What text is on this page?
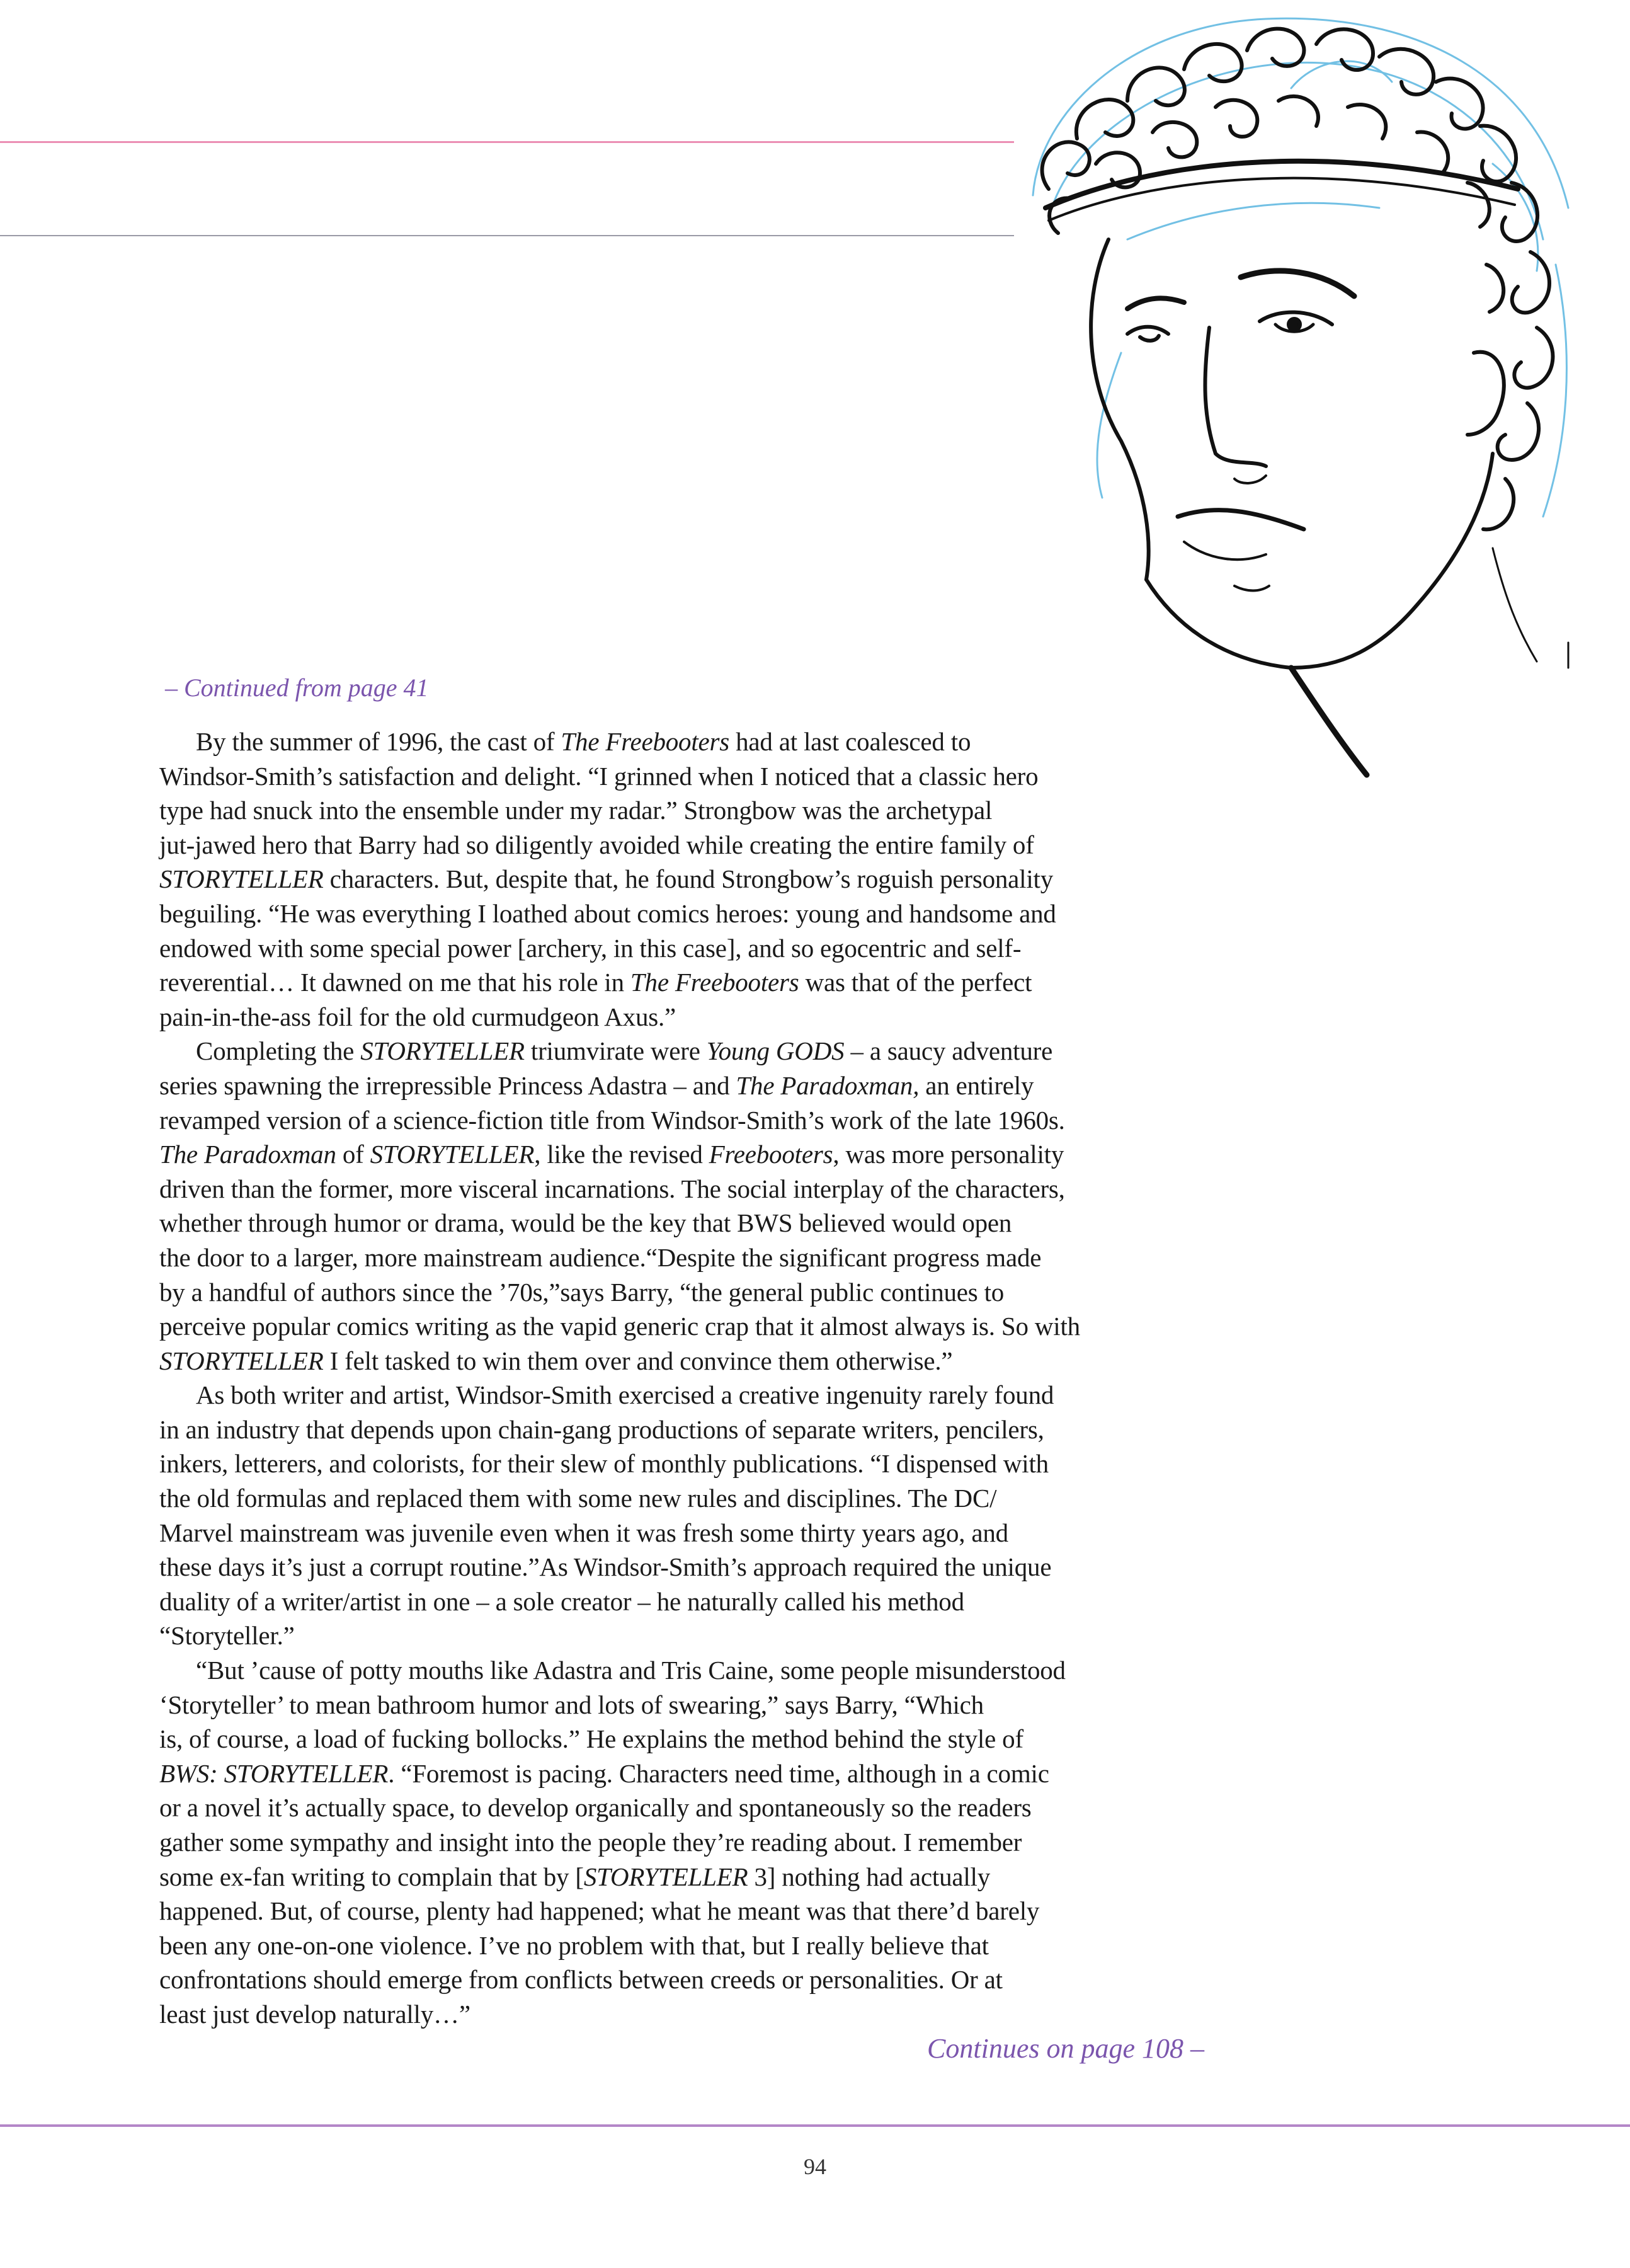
– Continued from page 41
By the summer of 1996, the cast of The Freebooters had at last coalesced to
Windsor-Smith’s satisfaction and delight. “I grinned when I noticed that a classic hero
type had snuck into the ensemble under my radar.” Strongbow was the archetypal
jut-jawed hero that Barry had so diligently avoided while creating the entire family of
STORYTELLER characters. But, despite that, he found Strongbow’s roguish personality
beguiling. “He was everything I loathed about comics heroes: young and handsome and
endowed with some special power [archery, in this case], and so egocentric and self-
reverential… It dawned on me that his role in The Freebooters was that of the perfect
pain-in-the-ass foil for the old curmudgeon Axus.”
Completing the STORYTELLER triumvirate were Young GODS – a saucy adventure
series spawning the irrepressible Princess Adastra – and The Paradoxman, an entirely
revamped version of a science-fiction title from Windsor-Smith’s work of the late 1960s.
The Paradoxman of STORYTELLER, like the revised Freebooters, was more personality
driven than the former, more visceral incarnations. The social interplay of the characters,
whether through humor or drama, would be the key that BWS believed would open
the door to a larger, more mainstream audience.“Despite the significant progress made
by a handful of authors since the ’70s,”says Barry, “the general public continues to
perceive popular comics writing as the vapid generic crap that it almost always is. So with
STORYTELLER I felt tasked to win them over and convince them otherwise.”
As both writer and artist, Windsor-Smith exercised a creative ingenuity rarely found
in an industry that depends upon chain-gang productions of separate writers, pencilers,
inkers, letterers, and colorists, for their slew of monthly publications. “I dispensed with
the old formulas and replaced them with some new rules and disciplines. The DC/
Marvel mainstream was juvenile even when it was fresh some thirty years ago, and
these days it’s just a corrupt routine.”As Windsor-Smith’s approach required the unique
duality of a writer/artist in one – a sole creator – he naturally called his method
“Storyteller.”
“But ’cause of potty mouths like Adastra and Tris Caine, some people misunderstood
‘Storyteller’ to mean bathroom humor and lots of swearing,” says Barry, “Which
is, of course, a load of fucking bollocks.” He explains the method behind the style of
BWS: STORYTELLER. “Foremost is pacing. Characters need time, although in a comic
or a novel it’s actually space, to develop organically and spontaneously so the readers
gather some sympathy and insight into the people they’re reading about. I remember
some ex-fan writing to complain that by [STORYTELLER 3] nothing had actually
happened. But, of course, plenty had happened; what he meant was that there’d barely
been any one-on-one violence. I’ve no problem with that, but I really believe that
confrontations should emerge from conflicts between creeds or personalities. Or at
least just develop naturally…”
Continues on page 108 –
94
